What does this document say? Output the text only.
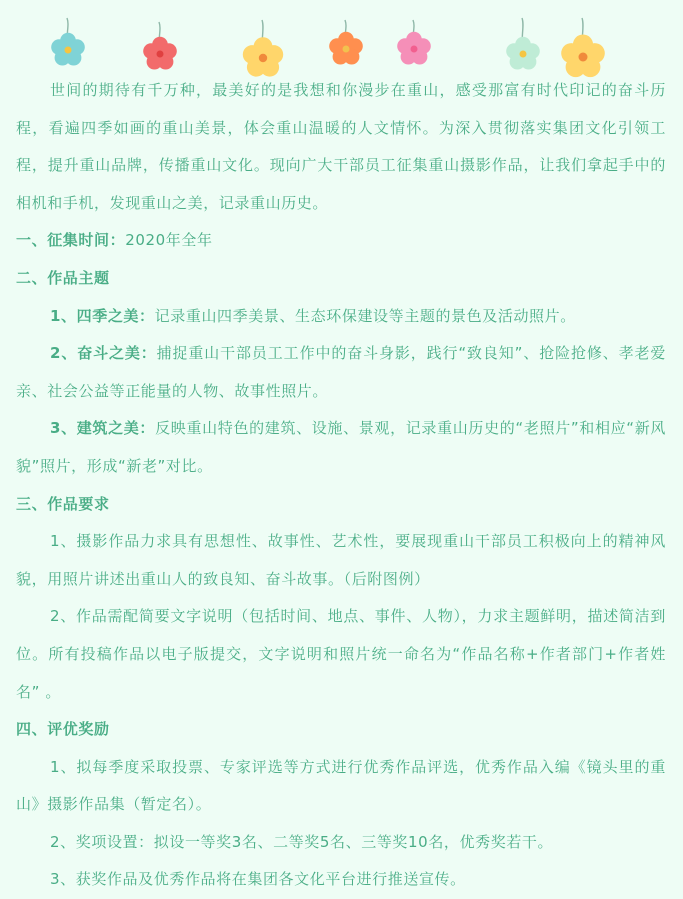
世间的期待有千万种，最美好的是我想和你漫步在重山，感受那富有时代印记的奋斗历程，看遍四季如画的重山美景，体会重山温暖的人文情怀。为深入贯彻落实集团文化引领工程，提升重山品牌，传播重山文化。现向广大干部员工征集重山摄影作品，让我们拿起手中的相机和手机，发现重山之美，记录重山历史。

一、征集时间：2020年全年

二、作品主题

1、四季之美：记录重山四季美景、生态环保建设等主题的景色及活动照片。

2、奋斗之美：捕捉重山干部员工工作中的奋斗身影，践行“致良知”、抢险抢修、孝老爱亲、社会公益等正能量的人物、故事性照片。

3、建筑之美：反映重山特色的建筑、设施、景观，记录重山历史的“老照片”和相应“新风貌”照片，形成“新老”对比。

三、作品要求

1、摄影作品力求具有思想性、故事性、艺术性，要展现重山干部员工积极向上的精神风貌，用照片讲述出重山人的致良知、奋斗故事。（后附图例）

2、作品需配简要文字说明（包括时间、地点、事件、人物），力求主题鲜明，描述简洁到位。所有投稿作品以电子版提交，文字说明和照片统一命名为“作品名称+作者部门+作者姓名” 。

四、评优奖励

1、拟每季度采取投票、专家评选等方式进行优秀作品评选，优秀作品入编《镜头里的重山》摄影作品集（暂定名）。

2、奖项设置：拟设一等奖3名、二等奖5名、三等奖10名，优秀奖若干。

3、获奖作品及优秀作品将在集团各文化平台进行推送宣传。
